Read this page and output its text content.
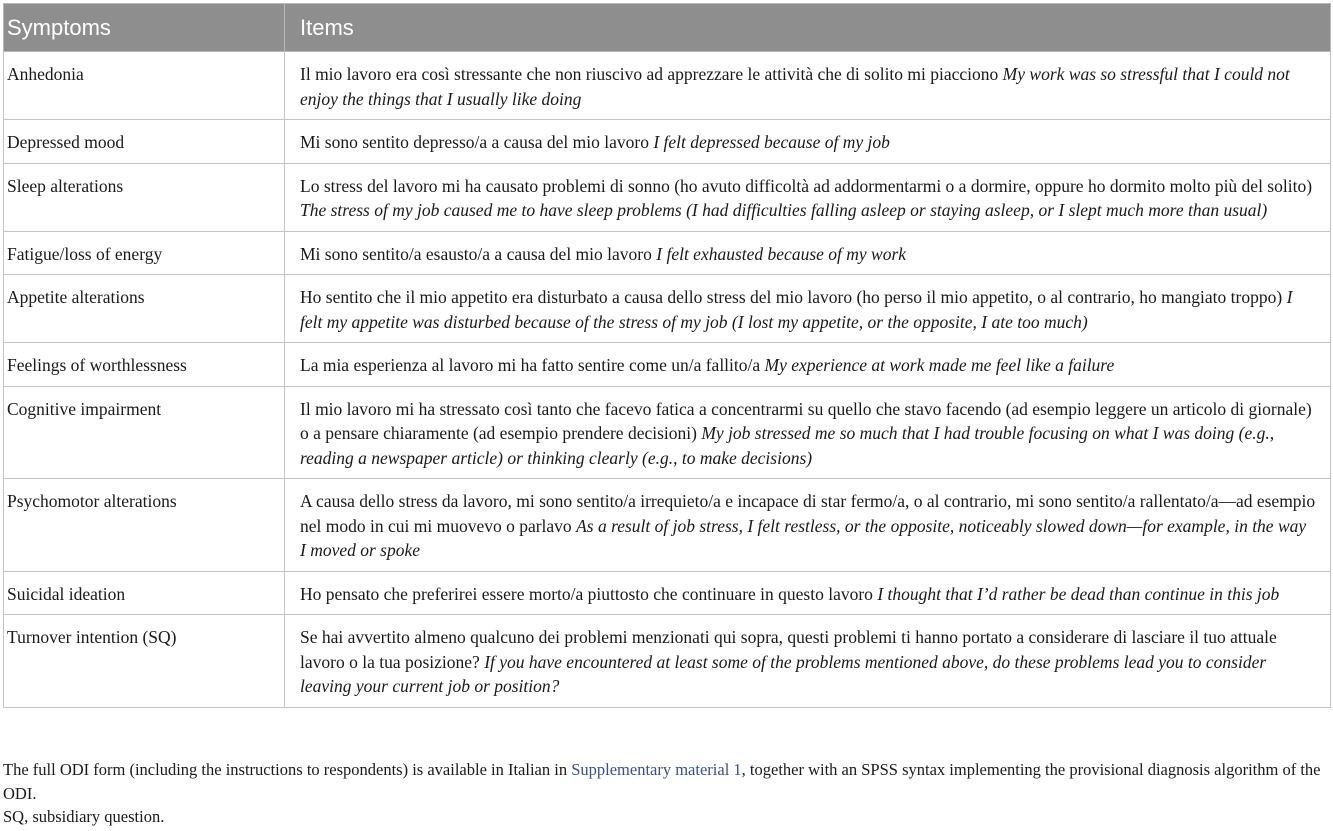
Symptoms	Items
Anhedonia	Il mio lavoro era così stressante che non riuscivo ad apprezzare le attività che di solito mi piacciono My work was so stressful that I could not enjoy the things that I usually like doing
Depressed mood	Mi sono sentito depresso/a a causa del mio lavoro I felt depressed because of my job
Sleep alterations	Lo stress del lavoro mi ha causato problemi di sonno (ho avuto difficoltà ad addormentarmi o a dormire, oppure ho dormito molto più del solito) The stress of my job caused me to have sleep problems (I had difficulties falling asleep or staying asleep, or I slept much more than usual)
Fatigue/loss of energy	Mi sono sentito/a esausto/a a causa del mio lavoro I felt exhausted because of my work
Appetite alterations	Ho sentito che il mio appetito era disturbato a causa dello stress del mio lavoro (ho perso il mio appetito, o al contrario, ho mangiato troppo) I felt my appetite was disturbed because of the stress of my job (I lost my appetite, or the opposite, I ate too much)
Feelings of worthlessness	La mia esperienza al lavoro mi ha fatto sentire come un/a fallito/a My experience at work made me feel like a failure
Cognitive impairment	Il mio lavoro mi ha stressato così tanto che facevo fatica a concentrarmi su quello che stavo facendo (ad esempio leggere un articolo di giornale) o a pensare chiaramente (ad esempio prendere decisioni) My job stressed me so much that I had trouble focusing on what I was doing (e.g., reading a newspaper article) or thinking clearly (e.g., to make decisions)
Psychomotor alterations	A causa dello stress da lavoro, mi sono sentito/a irrequieto/a e incapace di star fermo/a, o al contrario, mi sono sentito/a rallentato/a—ad esempio nel modo in cui mi muovevo o parlavo As a result of job stress, I felt restless, or the opposite, noticeably slowed down—for example, in the way I moved or spoke
Suicidal ideation	Ho pensato che preferirei essere morto/a piuttosto che continuare in questo lavoro I thought that I’d rather be dead than continue in this job
Turnover intention (SQ)	Se hai avvertito almeno qualcuno dei problemi menzionati qui sopra, questi problemi ti hanno portato a considerare di lasciare il tuo attuale lavoro o la tua posizione? If you have encountered at least some of the problems mentioned above, do these problems lead you to consider leaving your current job or position?

The full ODI form (including the instructions to respondents) is available in Italian in Supplementary material 1, together with an SPSS syntax implementing the provisional diagnosis algorithm of the ODI.

SQ, subsidiary question.
